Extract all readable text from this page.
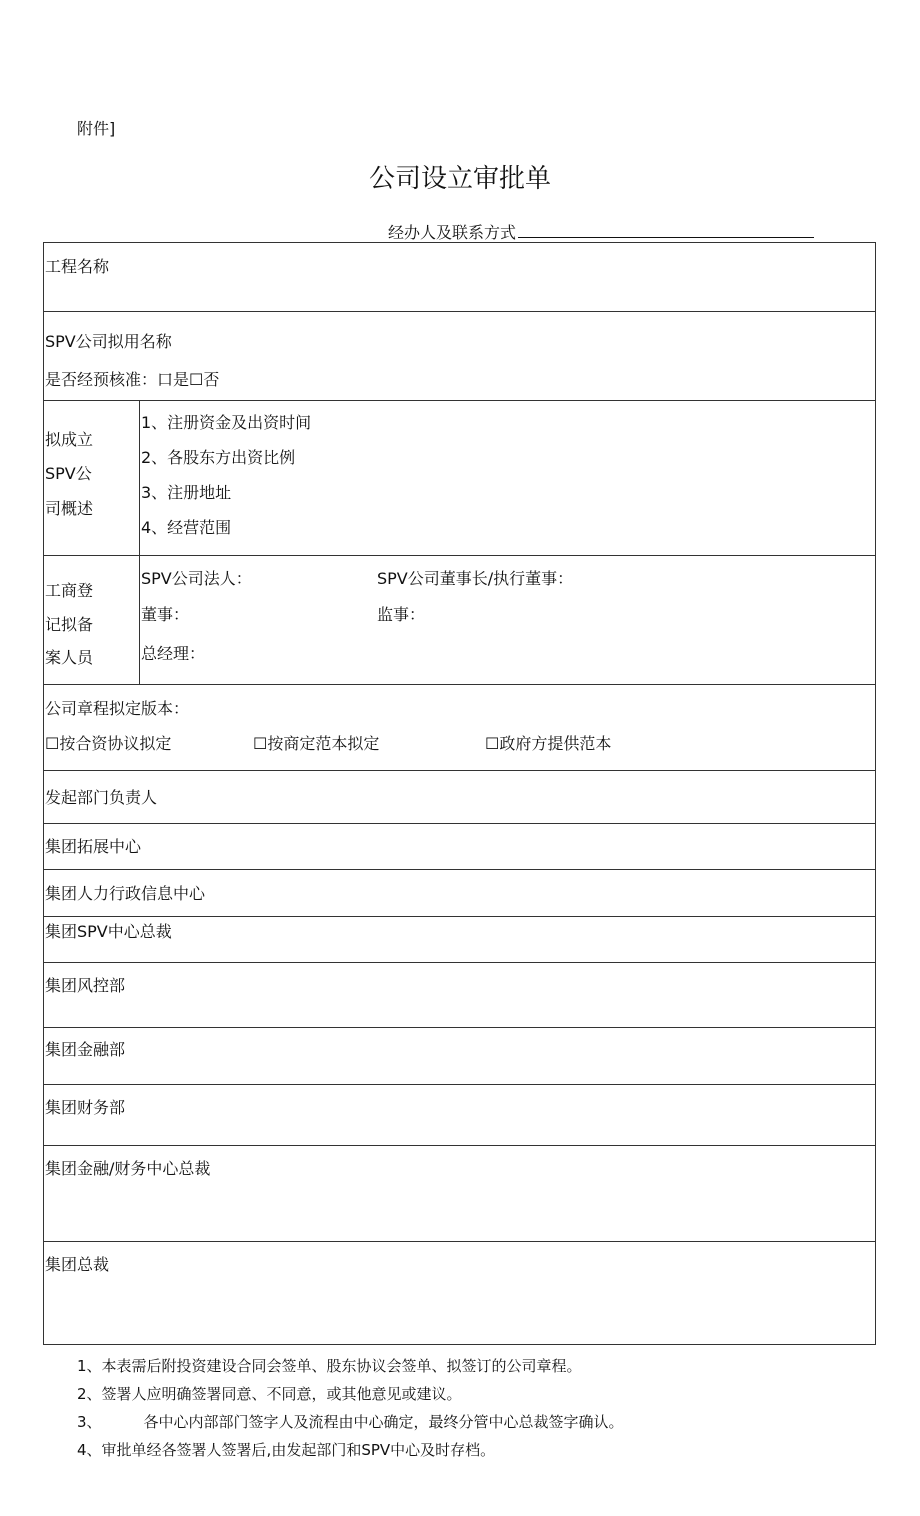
附件]
公司设立审批单
经办人及联系方式
工程名称
SPV公司拟用名称
是否经预核准：口是☐否
拟成立
SPV公
司概述
1、注册资金及出资时间
2、各股东方出资比例
3、注册地址
4、经营范围
工商登
记拟备
案人员
SPV公司法人：	SPV公司董事长/执行董事：
董事：	监事：
总经理：
公司章程拟定版本：
☐按合资协议拟定	☐按商定范本拟定	☐政府方提供范本
发起部门负责人
集团拓展中心
集团人力行政信息中心
集团SPV中心总裁
集团风控部
集团金融部
集团财务部
集团金融/财务中心总裁
集团总裁
1、本表需后附投资建设合同会签单、股东协议会签单、拟签订的公司章程。
2、签署人应明确签署同意、不同意，或其他意见或建议。
3、	各中心内部部门签字人及流程由中心确定，最终分管中心总裁签字确认。
4、审批单经各签署人签署后,由发起部门和SPV中心及时存档。
